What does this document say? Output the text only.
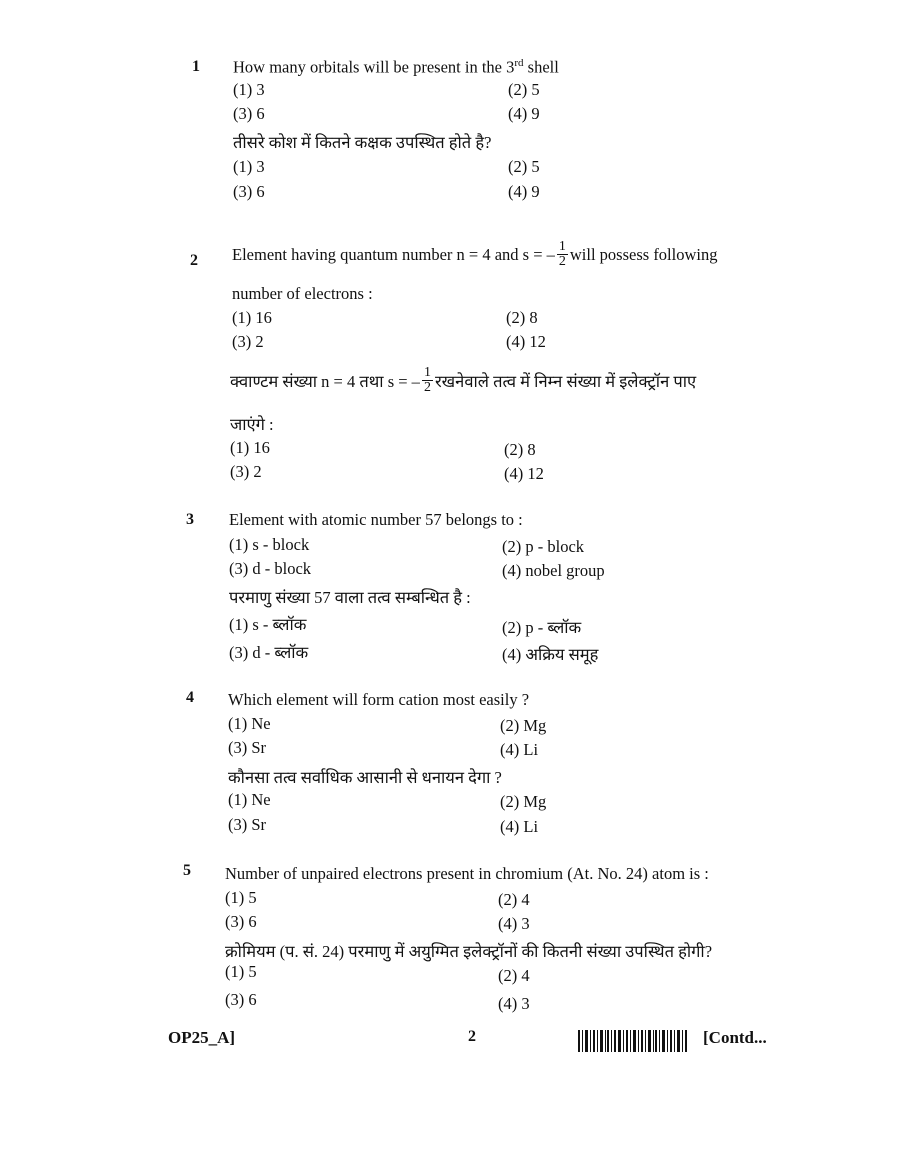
1 How many orbitals will be present in the 3rd shell
(1) 3	(2) 5
(3) 6	(4) 9
तीसरे कोश में कितने कक्षक उपस्थित होते है?
(1) 3	(2) 5
(3) 6	(4) 9
2 Element having quantum number n = 4 and s = – $\frac{1}{2}$ will possess following
number of electrons :
(1) 16	(2) 8
(3) 2	(4) 12
क्वाण्टम संख्या n = 4 तथा s = – $\frac{1}{2}$ रखनेवाले तत्व में निम्न संख्या में इलेक्ट्रॉन पाए
जाएंगे :
(1) 16	(2) 8
(3) 2	(4) 12
3 Element with atomic number 57 belongs to :
(1) s - block	(2) p - block
(3) d - block	(4) nobel group
परमाणु संख्या 57 वाला तत्व सम्बन्धित है :
(1) s - ब्लॉक	(2) p - ब्लॉक
(3) d - ब्लॉक	(4) अक्रिय समूह
4 Which element will form cation most easily ?
(1) Ne	(2) Mg
(3) Sr	(4) Li
कौनसा तत्व सर्वाधिक आसानी से धनायन देगा ?
(1) Ne	(2) Mg
(3) Sr	(4) Li
5 Number of unpaired electrons present in chromium (At. No. 24) atom is :
(1) 5	(2) 4
(3) 6	(4) 3
क्रोमियम (प. सं. 24) परमाणु में अयुग्मित इलेक्ट्रॉनों की कितनी संख्या उपस्थित होगी?
(1) 5	(2) 4
(3) 6	(4) 3
OP25_A]	2	[Contd...
